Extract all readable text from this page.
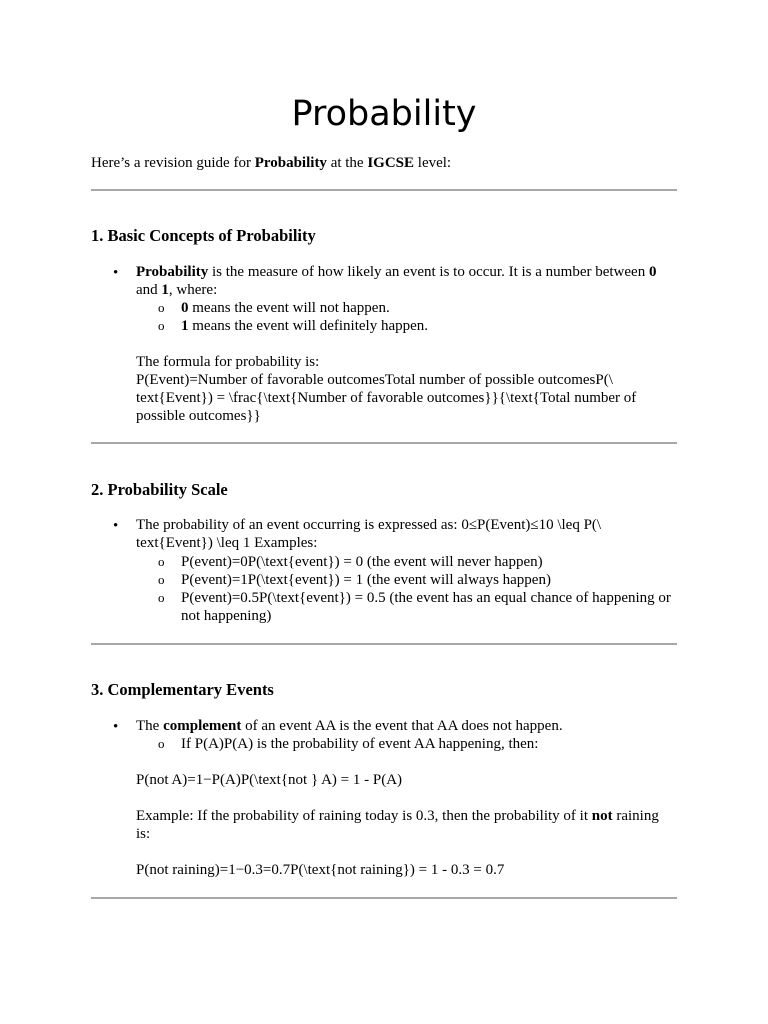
Probability
Here’s a revision guide for Probability at the IGCSE level:
1. Basic Concepts of Probability
• Probability is the measure of how likely an event is to occur. It is a number between 0
and 1, where:
o 0 means the event will not happen.
o 1 means the event will definitely happen.
The formula for probability is:
P(Event)=Number of favorable outcomesTotal number of possible outcomesP(\
text{Event}) = \frac{\text{Number of favorable outcomes}}{\text{Total number of
possible outcomes}}
2. Probability Scale
• The probability of an event occurring is expressed as: 0≤P(Event)≤10 \leq P(\
text{Event}) \leq 1 Examples:
o P(event)=0P(\text{event}) = 0 (the event will never happen)
o P(event)=1P(\text{event}) = 1 (the event will always happen)
o P(event)=0.5P(\text{event}) = 0.5 (the event has an equal chance of happening or
not happening)
3. Complementary Events
• The complement of an event AA is the event that AA does not happen.
o If P(A)P(A) is the probability of event AA happening, then:
P(not A)=1−P(A)P(\text{not } A) = 1 - P(A)
Example: If the probability of raining today is 0.3, then the probability of it not raining
is:
P(not raining)=1−0.3=0.7P(\text{not raining}) = 1 - 0.3 = 0.7
